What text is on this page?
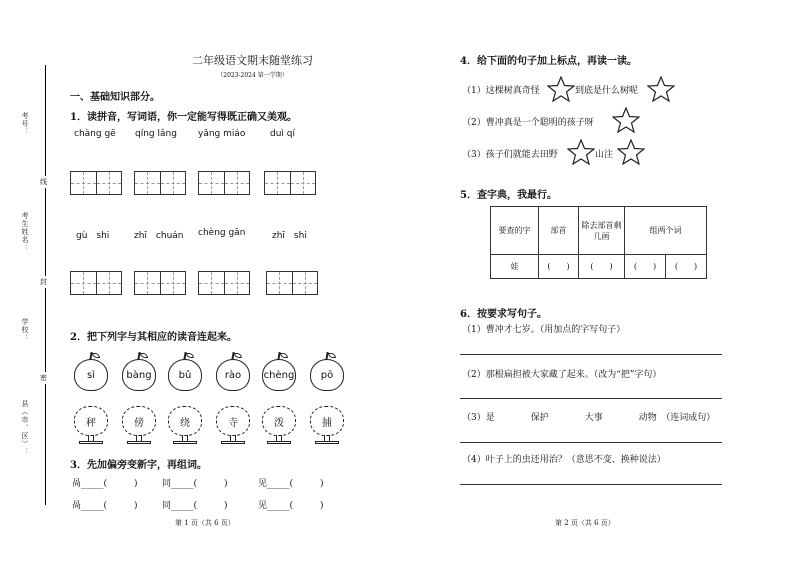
考号：
考生姓名：
学校：
县（市、区）：
线
封
密
二年级语文期末随堂练习
（2023-2024 第一学期）
一、基础知识部分。
1．读拼音，写词语，你一定能写得既正确又美观。
chàng gē qíng lǎng yāng miáo	duì qí
gù　shi	zhī　chuán chèng gān	zhī　shi
2．把下列字与其相应的读音连起来。
sì	bàng	bǔ	rào	chèng	pō
秤	傍	绕	寺	泼	捕
3．先加偏旁变新字，再组词。
咼_____(　　　)	同_____(　　　)	见_____(　　　)
咼_____(　　　)	同_____(　　　)	见_____(　　　)
第 1 页（共 6 页）
4．给下面的句子加上标点，再读一读。
（1）这棵树真奇怪	到底是什么树呢
（2）曹冲真是一个聪明的孩子呀
（3）孩子们就能去田野	山注
5．查字典，我最行。
要查的字	部首	除去部首剩几画	组两个词	
娃	(　　)	(　　)	(　　)	(　　)
6．按要求写句子。
（1）曹冲才七岁。（用加点的字写句子）
（2）那根扁担被大家藏了起来。（改为“把”字句）
（3）是　　　　保护　　　　大事　　　　动物　（连词成句）
（4）叶子上的虫还用治？（意思不变、换种说法）
第 2 页（共 6 页）
